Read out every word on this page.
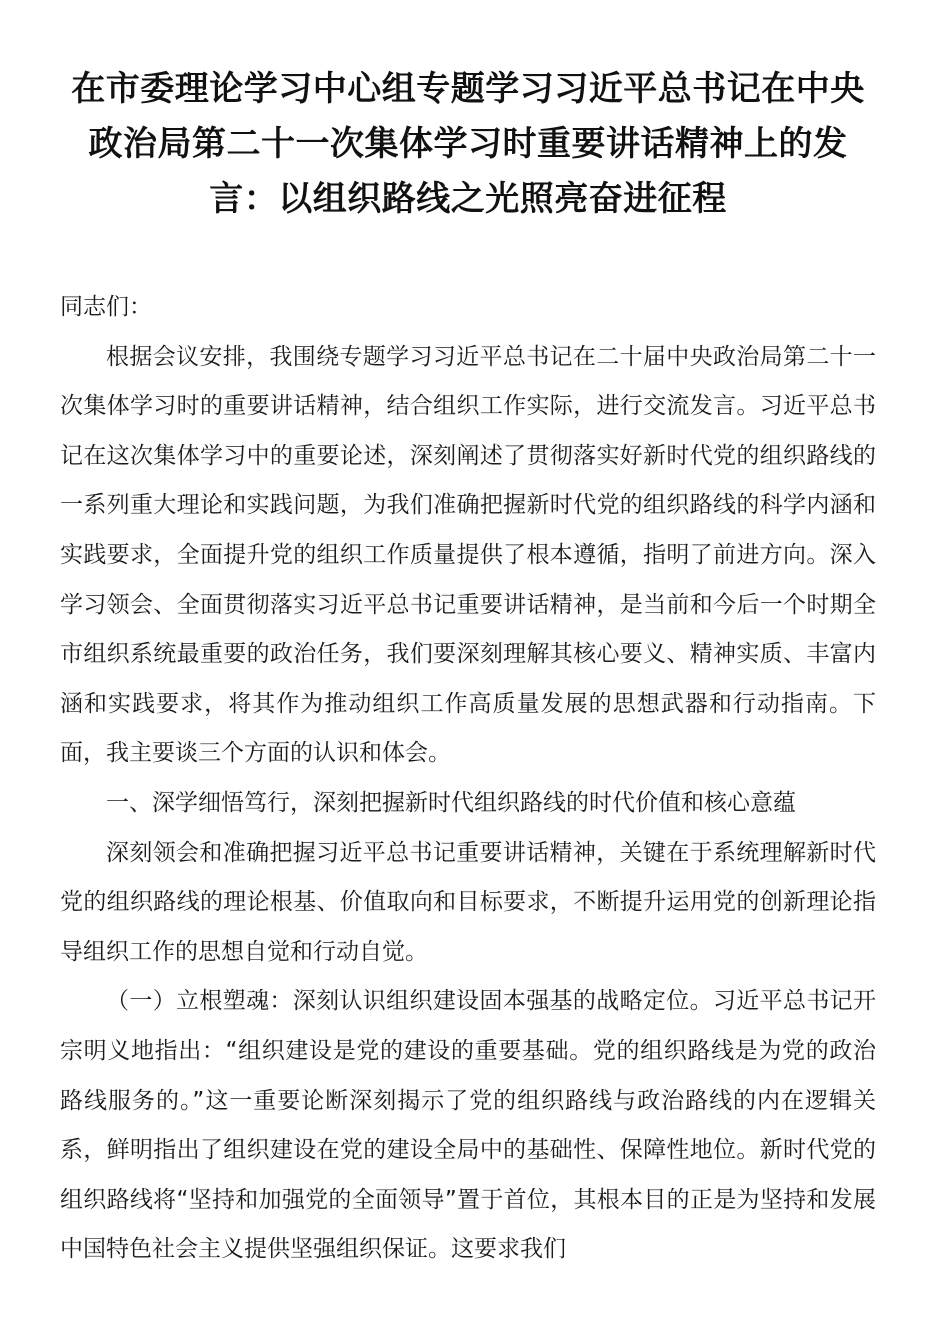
在市委理论学习中心组专题学习习近平总书记在中央政治局第二十一次集体学习时重要讲话精神上的发言：以组织路线之光照亮奋进征程

同志们：

根据会议安排，我围绕专题学习习近平总书记在二十届中央政治局第二十一次集体学习时的重要讲话精神，结合组织工作实际，进行交流发言。习近平总书记在这次集体学习中的重要论述，深刻阐述了贯彻落实好新时代党的组织路线的一系列重大理论和实践问题，为我们准确把握新时代党的组织路线的科学内涵和实践要求，全面提升党的组织工作质量提供了根本遵循，指明了前进方向。深入学习领会、全面贯彻落实习近平总书记重要讲话精神，是当前和今后一个时期全市组织系统最重要的政治任务，我们要深刻理解其核心要义、精神实质、丰富内涵和实践要求，将其作为推动组织工作高质量发展的思想武器和行动指南。下面，我主要谈三个方面的认识和体会。

一、深学细悟笃行，深刻把握新时代组织路线的时代价值和核心意蕴

深刻领会和准确把握习近平总书记重要讲话精神，关键在于系统理解新时代党的组织路线的理论根基、价值取向和目标要求，不断提升运用党的创新理论指导组织工作的思想自觉和行动自觉。

（一）立根塑魂：深刻认识组织建设固本强基的战略定位。习近平总书记开宗明义地指出：“组织建设是党的建设的重要基础。党的组织路线是为党的政治路线服务的。”这一重要论断深刻揭示了党的组织路线与政治路线的内在逻辑关系，鲜明指出了组织建设在党的建设全局中的基础性、保障性地位。新时代党的组织路线将“坚持和加强党的全面领导”置于首位，其根本目的正是为坚持和发展中国特色社会主义提供坚强组织保证。这要求我们
